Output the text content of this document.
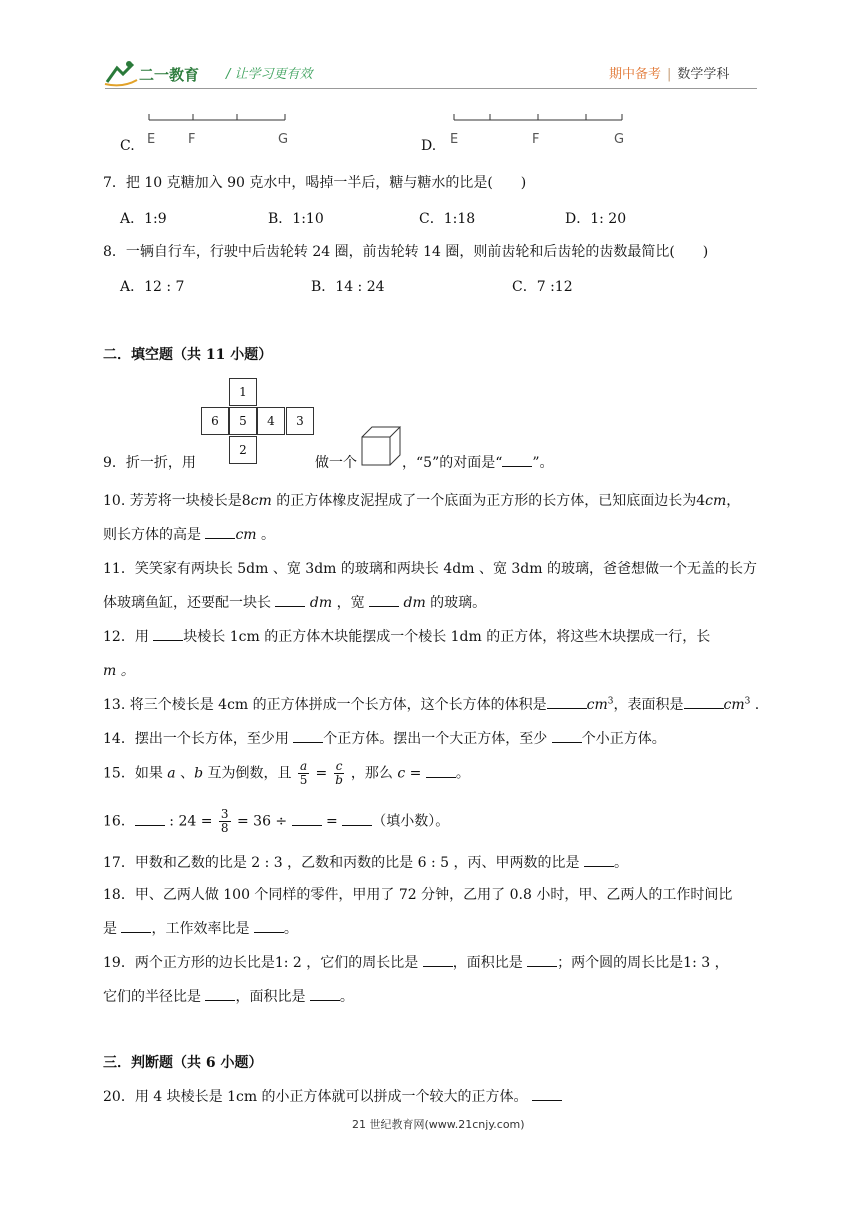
二一教育 / 让学习更有效	期中备考 | 数学学科
C. E	F	G	D. E	F	G
7．把 10 克糖加入 90 克水中，喝掉一半后，糖与糖水的比是(　　)
A．1:9	B．1:10	C．1:18	D．1: 20
8．一辆自行车，行驶中后齿轮转 24 圈，前齿轮转 14 圈，则前齿轮和后齿轮的齿数最简比(　　)
A．12 : 7	B．14 : 24	C．7 :12
二．填空题（共 11 小题）
1
6	5	4	3
2
9．折一折，用	做一个	，“5”的对面是“ ”。
10. 芳芳将一块棱长是8cm 的正方体橡皮泥捏成了一个底面为正方形的长方体，已知底面边长为4cm，
则长方体的高是 cm 。
11．笑笑家有两块长 5dm 、宽 3dm 的玻璃和两块长 4dm 、宽 3dm 的玻璃，爸爸想做一个无盖的长方
体玻璃鱼缸，还要配一块长  dm ，宽  dm 的玻璃。
12．用 块棱长 1cm 的正方体木块能摆成一个棱长 1dm 的正方体，将这些木块摆成一行，长
m 。
13. 将三个棱长是 4cm 的正方体拼成一个长方体，这个长方体的体积是	$cm^3$，表面积是	$cm^3$ .
14．摆出一个长方体，至少用 个正方体。摆出一个大正方体，至少 个小正方体。
15．如果 a 、b 互为倒数，且 $\frac{a}{5} = \frac{c}{b}$ ，那么 c = 。
16． : $24 = \frac{3}{8} = 36$ ÷  = （填小数）。
17．甲数和乙数的比是 2 : 3 ，乙数和丙数的比是 6 : 5 ，丙、甲两数的比是 。
18．甲、乙两人做 100 个同样的零件，甲用了 72 分钟，乙用了 0.8 小时，甲、乙两人的工作时间比
是 ，工作效率比是 。
19．两个正方形的边长比是1: 2 ，它们的周长比是 ，面积比是 ；两个圆的周长比是1: 3 ，
它们的半径比是 ，面积比是 。
三．判断题（共 6 小题）
20．用 4 块棱长是 1cm 的小正方体就可以拼成一个较大的正方体。
21 世纪教育网(www.21cnjy.com)
